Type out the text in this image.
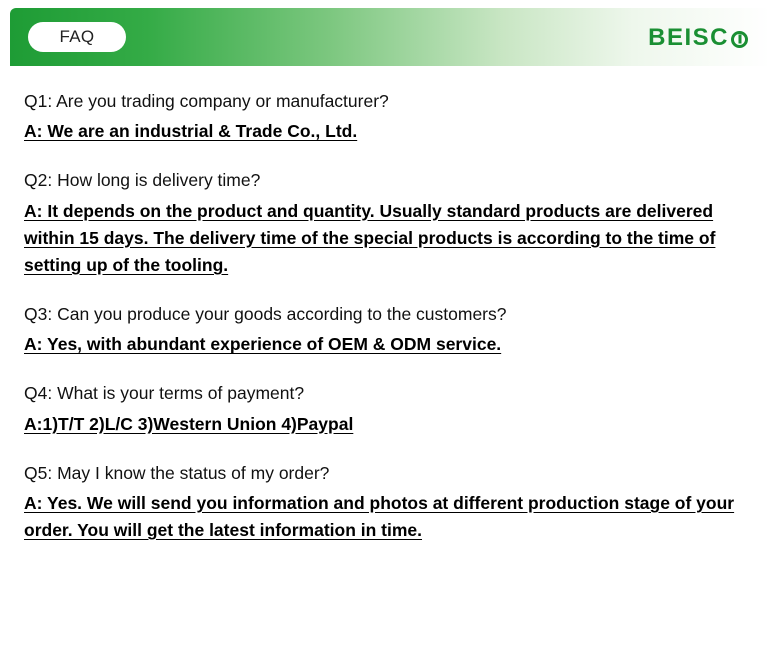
FAQ	BEISC
Q1: Are you trading company or manufacturer?
A: We are an industrial & Trade Co., Ltd.
Q2: How long is delivery time?
A: It depends on the product and quantity. Usually standard products are delivered within 15 days. The delivery time of the special products is according to the time of setting up of the tooling.
Q3: Can you produce your goods according to the customers?
A: Yes, with abundant experience of OEM & ODM service.
Q4: What is your terms of payment?
A:1)T/T 2)L/C 3)Western Union 4)Paypal
Q5: May I know the status of my order?
A: Yes. We will send you information and photos at different production stage of your order. You will get the latest information in time.
